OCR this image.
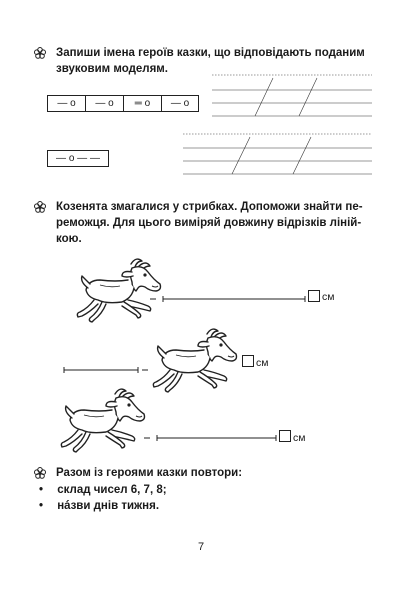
Запиши імена героїв казки, що відповідають поданим
звуковим моделям.
— о	— о	═ о	— о
— о — —
Козенята змагалися у стрибках. Допоможи знайти пе-
реможця. Для цього виміряй довжину відрізків ліній-
кою.
см
см
см
Разом із героями казки повтори:
• склад чисел 6, 7, 8;
• нáзви днів тижня.
7
